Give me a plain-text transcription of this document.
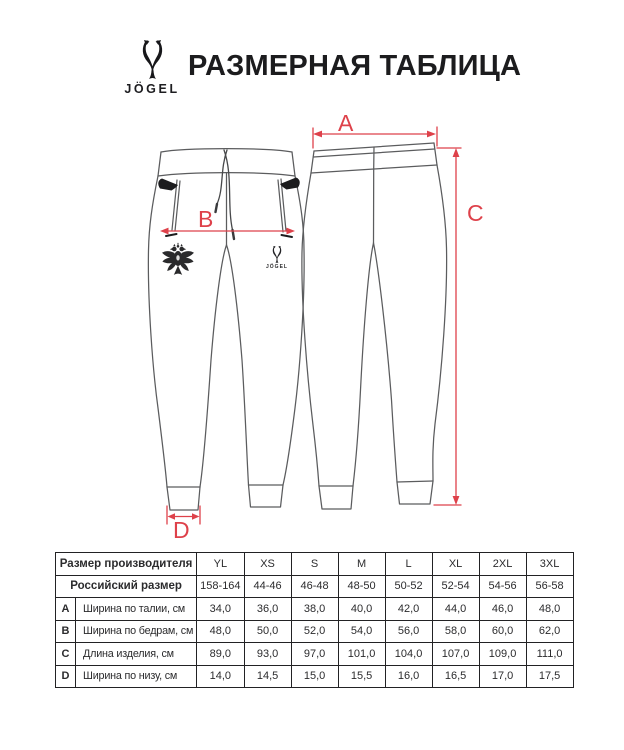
JÖGEL
B
D
A
C
JÖGEL
РАЗМЕРНАЯ ТАБЛИЦА
Размер производителя		YL	XS	S	M	L	XL	2XL	3XL
Российский размер		158-164	44-46	46-48	48-50	50-52	52-54	54-56	56-58
A	Ширина по талии, см	34,0	36,0	38,0	40,0	42,0	44,0	46,0	48,0
B	Ширина по бедрам, см	48,0	50,0	52,0	54,0	56,0	58,0	60,0	62,0
C	Длина изделия, см	89,0	93,0	97,0	101,0	104,0	107,0	109,0	111,0
D	Ширина по низу, см	14,0	14,5	15,0	15,5	16,0	16,5	17,0	17,5
